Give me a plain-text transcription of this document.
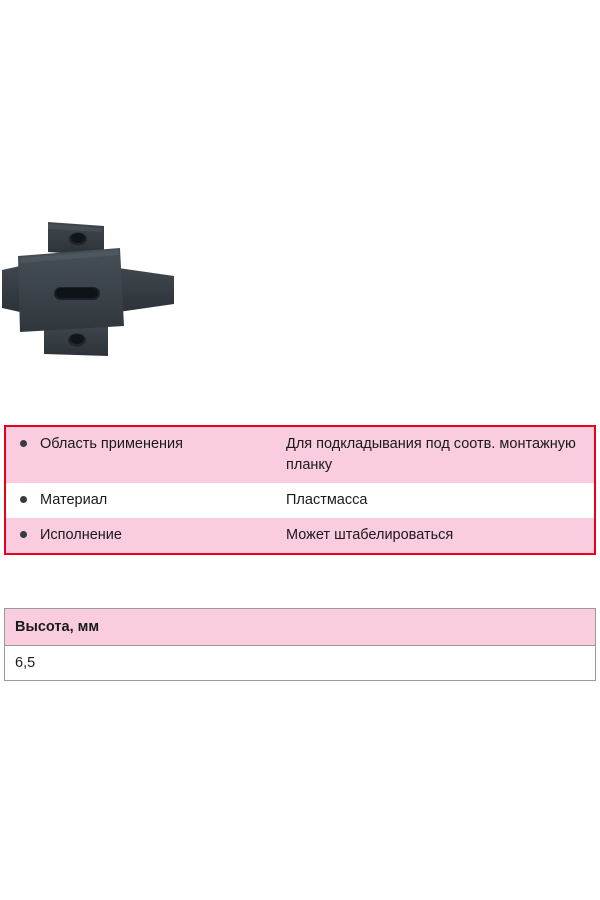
	Область применения	Для подкладывания под соотв. монтажную планку
	Материал	Пластмасса
	Исполнение	Может штабелироваться
Высота, мм
6,5
